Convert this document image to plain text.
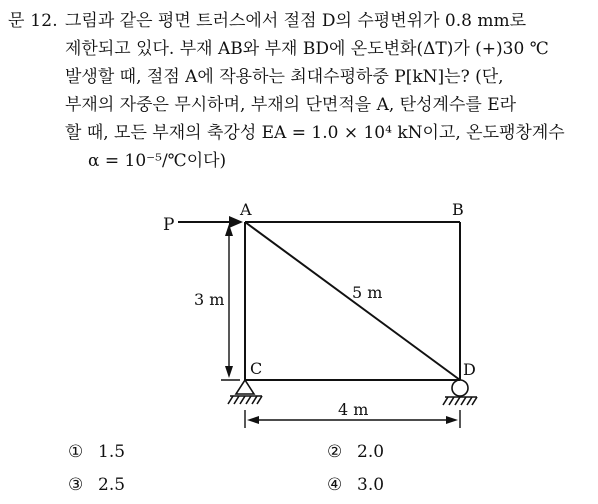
문 12. 그림과 같은 평면 트러스에서 절점 D의 수평변위가 0.8 mm로
제한되고 있다. 부재 AB와 부재 BD에 온도변화(ΔT)가 (+)30 ℃
발생할 때, 절점 A에 작용하는 최대수평하중 P[kN]는? (단,
부재의 자중은 무시하며, 부재의 단면적을 A, 탄성계수를 E라
할 때, 모든 부재의 축강성 EA = 1.0 × 10⁴ kN이고, 온도팽창계수
α = 10⁻⁵/℃이다)
P
A	B
C	D
3 m	5 m
4 m
① 1.5	② 2.0
③ 2.5	④ 3.0
